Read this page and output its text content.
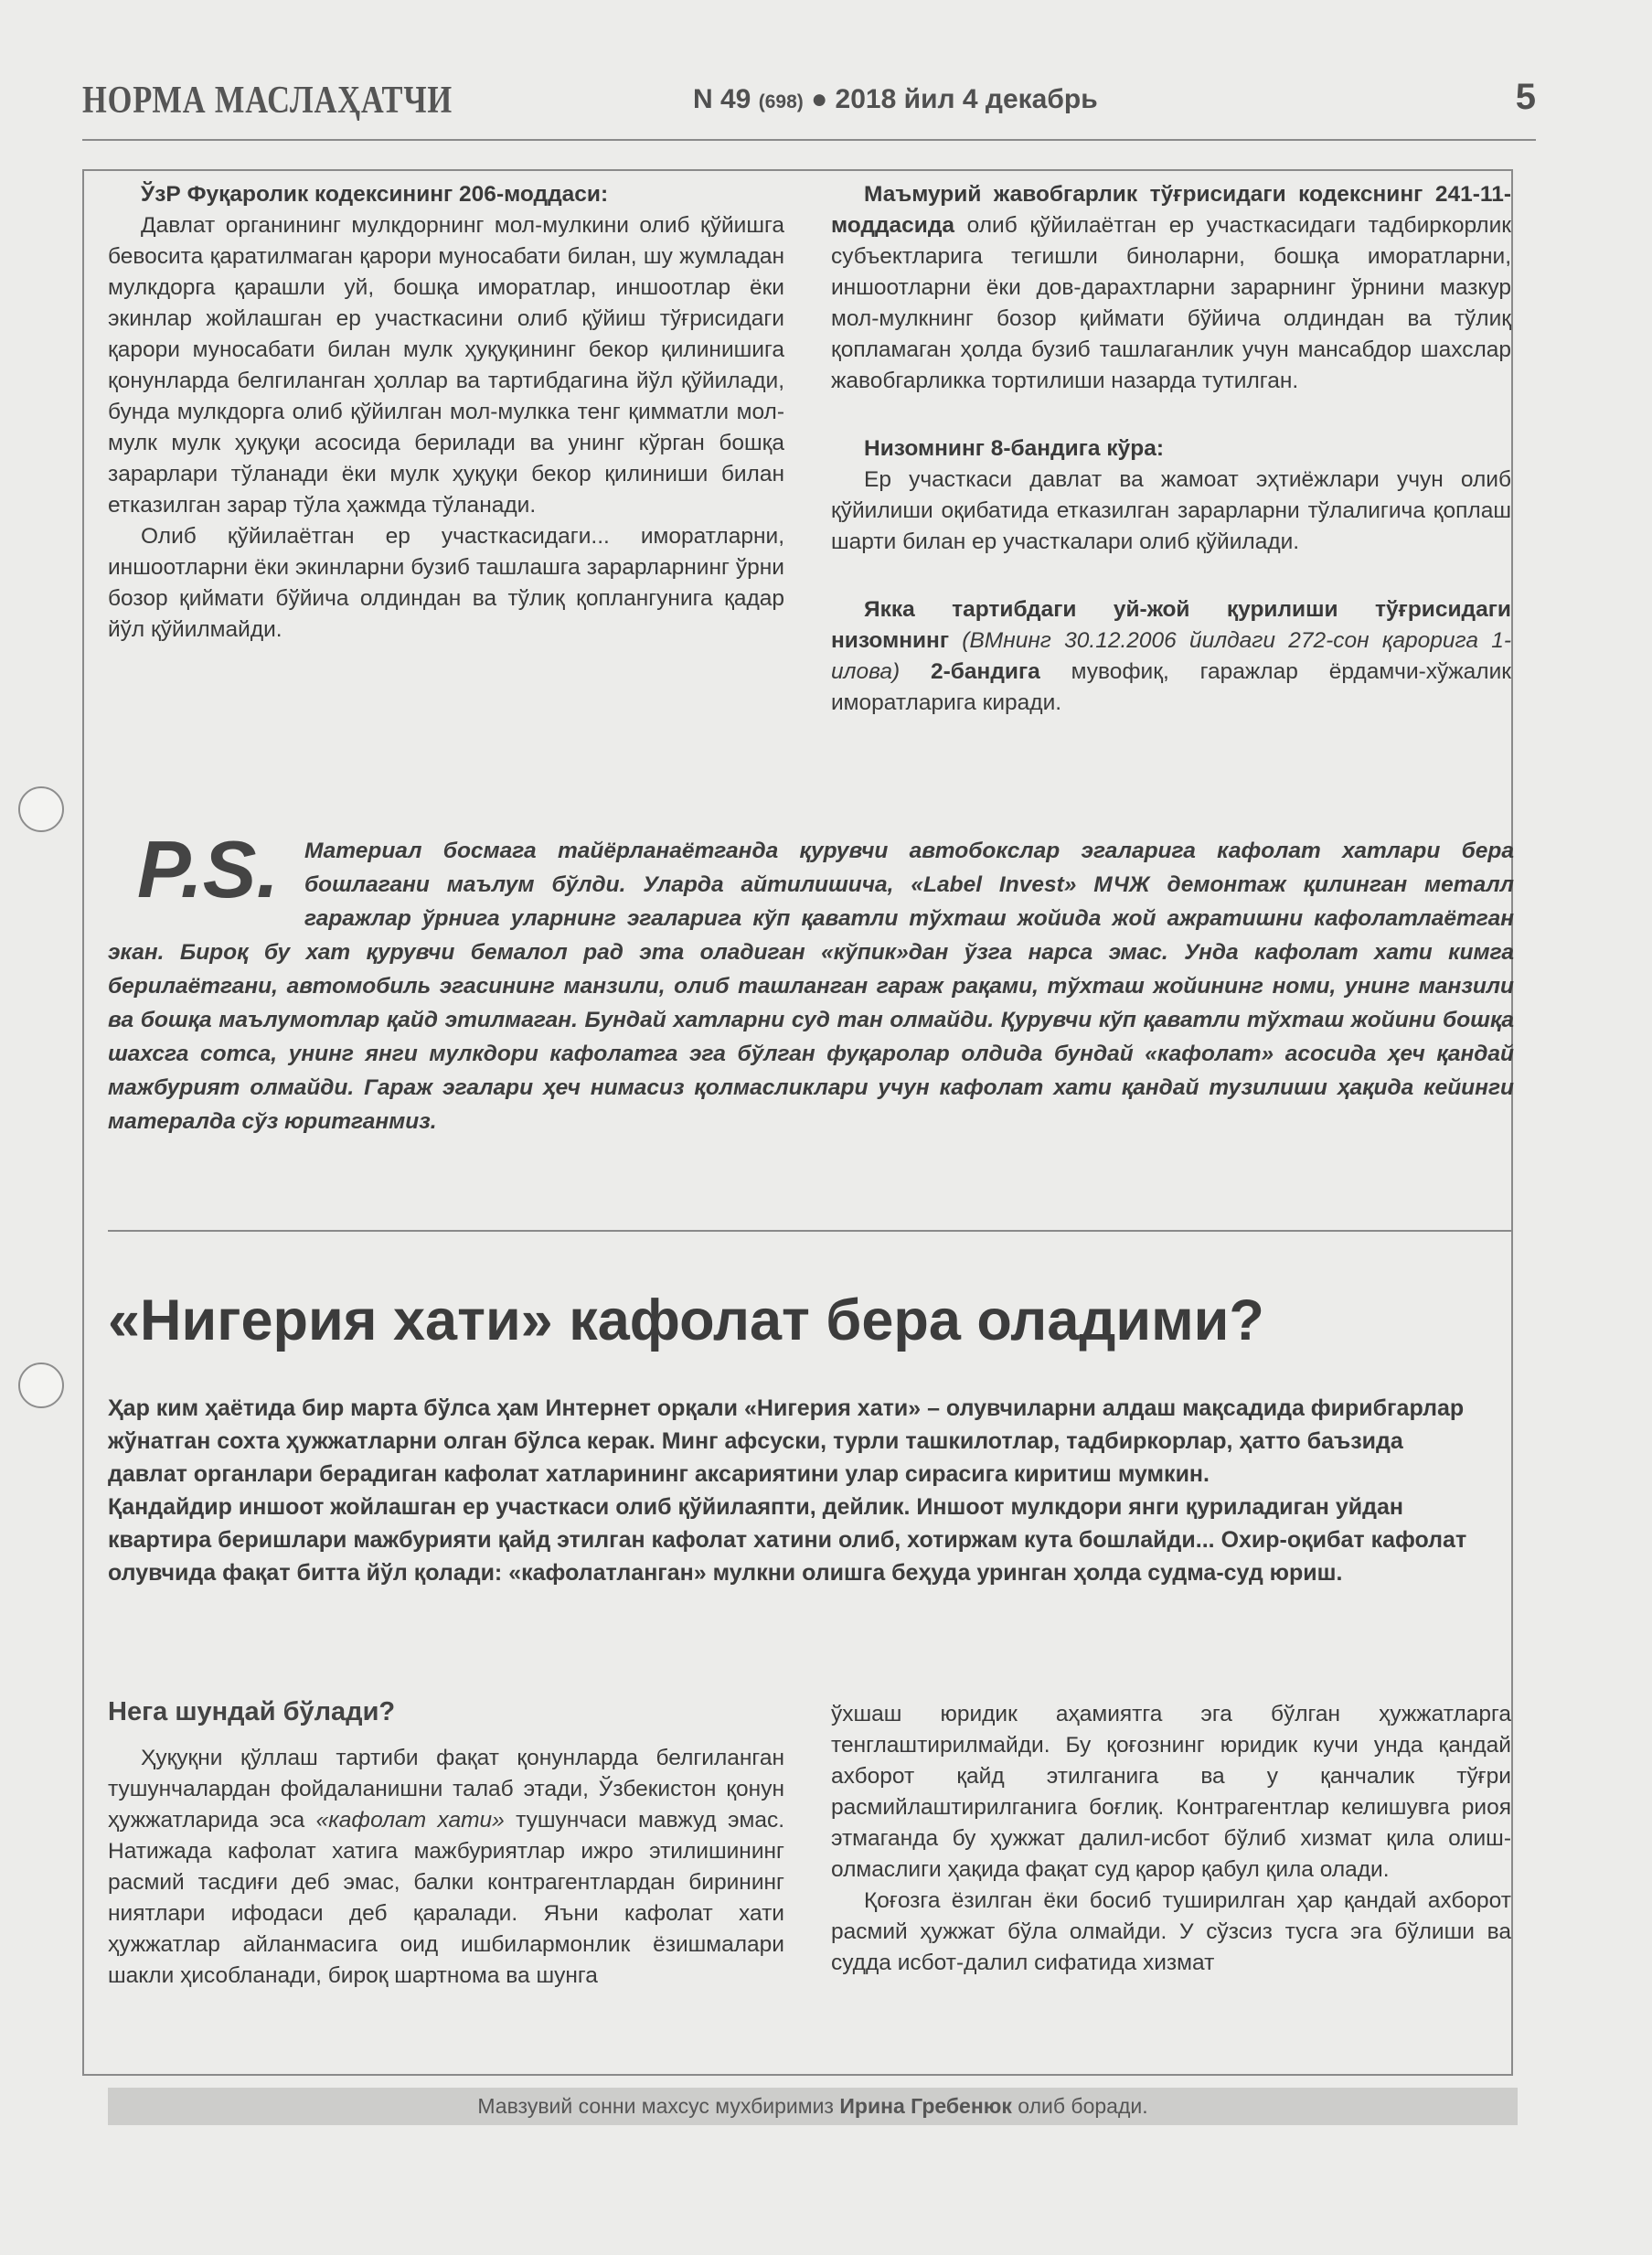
НОРМА МАСЛАҲАТЧИ	N 49 (698) ● 2018 йил 4 декабрь	5

ЎзР Фуқаролик кодексининг 206-моддаси:

Давлат органининг мулкдорнинг мол-мулкини олиб қўйишга бевосита қаратилмаган қарори муносабати билан, шу жумладан мулкдорга қарашли уй, бошқа иморатлар, иншоотлар ёки экинлар жойлашган ер участкасини олиб қўйиш тўғрисидаги қарори муносабати билан мулк ҳуқуқининг бекор қилинишига қонунларда белгиланган ҳоллар ва тартибдагина йўл қўйилади, бунда мулкдорга олиб қўйилган мол-мулкка тенг қимматли мол-мулк мулк ҳуқуқи асосида берилади ва унинг кўрган бошқа зарарлари тўланади ёки мулк ҳуқуқи бекор қилиниши билан етказилган зарар тўла ҳажмда тўланади.

Олиб қўйилаётган ер участкасидаги... иморатларни, иншоотларни ёки экинларни бузиб ташлашга зарарларнинг ўрни бозор қиймати бўйича олдиндан ва тўлиқ қоплангунига қадар йўл қўйилмайди.

Маъмурий жавобгарлик тўғрисидаги кодекснинг 241-11-моддасида олиб қўйилаётган ер участкасидаги тадбиркорлик субъектларига тегишли биноларни, бошқа иморатларни, иншоотларни ёки дов-дарахтларни зарарнинг ўрнини мазкур мол-мулкнинг бозор қиймати бўйича олдиндан ва тўлиқ қопламаган ҳолда бузиб ташлаганлик учун мансабдор шахслар жавобгарликка тортилиши назарда тутилган.

Низомнинг 8-бандига кўра:

Ер участкаси давлат ва жамоат эҳтиёжлари учун олиб қўйилиши оқибатида етказилган зарарларни тўлалигича қоплаш шарти билан ер участкалари олиб қўйилади.

Якка тартибдаги уй-жой қурилиши тўғрисидаги низомнинг (ВМнинг 30.12.2006 йилдаги 272-сон қарорига 1-илова) 2-бандига мувофиқ, гаражлар ёрдамчи-хўжалик иморатларига киради.

P.S. Материал босмага тайёрланаётганда қурувчи автобокслар эгаларига кафолат хатлари бера бошлагани маълум бўлди. Уларда айтилишича, «Label Invest» МЧЖ демонтаж қилинган металл гаражлар ўрнига уларнинг эгаларига кўп қаватли тўхташ жойида жой ажратишни кафолатлаётган экан. Бироқ бу хат қурувчи бемалол рад эта оладиган «кўпик»дан ўзга нарса эмас. Унда кафолат хати кимга берилаётгани, автомобиль эгасининг манзили, олиб ташланган гараж рақами, тўхташ жойининг номи, унинг манзили ва бошқа маълумотлар қайд этилмаган. Бундай хатларни суд тан олмайди. Қурувчи кўп қаватли тўхташ жойини бошқа шахсга сотса, унинг янги мулкдори кафолатга эга бўлган фуқаролар олдида бундай «кафолат» асосида ҳеч қандай мажбурият олмайди. Гараж эгалари ҳеч нимасиз қолмасликлари учун кафолат хати қандай тузилиши ҳақида кейинги матералда сўз юритганмиз.
«Нигерия хати» кафолат бера оладими?

Ҳар ким ҳаётида бир марта бўлса ҳам Интернет орқали «Нигерия хати» – олувчиларни алдаш мақсадида фирибгарлар жўнатган сохта ҳужжатларни олган бўлса керак. Минг афсуски, турли ташкилотлар, тадбиркорлар, ҳатто баъзида давлат органлари берадиган кафолат хатларининг аксариятини улар сирасига киритиш мумкин.

Қандайдир иншоот жойлашган ер участкаси олиб қўйилаяпти, дейлик. Иншоот мулкдори янги қуриладиган уйдан квартира беришлари мажбурияти қайд этилган кафолат хатини олиб, хотиржам кута бошлайди... Охир-оқибат кафолат олувчида фақат битта йўл қолади: «кафолатланган» мулкни олишга беҳуда уринган ҳолда судма-суд юриш.

Нега шундай бўлади?

Ҳуқуқни қўллаш тартиби фақат қонунларда белгиланган тушунчалардан фойдаланишни талаб этади, Ўзбекистон қонун ҳужжатларида эса «кафолат хати» тушунчаси мавжуд эмас. Натижада кафолат хатига мажбуриятлар ижро этилишининг расмий тасдиғи деб эмас, балки контрагентлардан бирининг ниятлари ифодаси деб қаралади. Яъни кафолат хати ҳужжатлар айланмасига оид ишбилармонлик ёзишмалари шакли ҳисобланади, бироқ шартнома ва шунга

ўхшаш юридик аҳамиятга эга бўлган ҳужжатларга тенглаштирилмайди. Бу қоғознинг юридик кучи унда қандай ахборот қайд этилганига ва у қанчалик тўғри расмийлаштирилганига боғлиқ. Контрагентлар келишувга риоя этмаганда бу ҳужжат далил-исбот бўлиб хизмат қила олиш-олмаслиги ҳақида фақат суд қарор қабул қила олади.

Қоғозга ёзилган ёки босиб туширилган ҳар қандай ахборот расмий ҳужжат бўла олмайди. У сўзсиз тусга эга бўлиши ва судда исбот-далил сифатида хизмат

Мавзувий сонни махсус мухбиримиз Ирина Гребенюк олиб боради.
